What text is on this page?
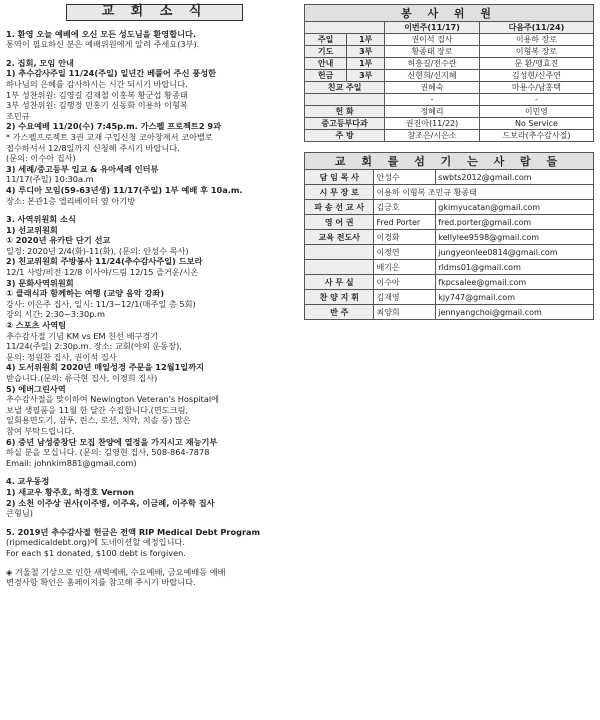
교 회 소 식
1. 환영 오늘 예배에 오신 모든 성도님을 환영합니다.
통역이 필요하신 분은 예배위원에게 알려 주세요(3부).
2. 집회, 모임 안내
1) 추수감사주일 11/24(주일) 일년간 베풀어 주신 풍성한
하나님의 은혜를 감사하시는 시간 되시기 바랍니다.
1부 성찬위원: 김영길 김재철 이홍복 황군섭 황종태
3부 성찬위원: 김행정 민홍기 신동화 이용하 이형복
조민규
2) 수요예배 11/20(수) 7:45p.m. 가스펠 프로젝트2 9과
* 가스펠프로젝트 3권 교재 구입신청 코아창제서 코아밸로
접수하셔서 12/8일까지 신청해 주시기 바랍니다.
(문의: 이수아 집사)
3) 세례/중고등부 입교 & 유아세례 인터뷰
11/17(주일) 10:30a.m
4) 루디아 모임(59-63년생) 11/17(주일) 1부 예배 후 10a.m.
장소: 본관1층 엘리베이터 옆 아기방
3. 사역위원회 소식
1) 선교위원회
① 2020년 유카탄 단기 선교
일정: 2020년 2/4(화)-11(화), (문의: 안성수 목사)
2) 친교위원회 주방봉사 11/24(추수감사주일) 드보라
12/1 사랑/비전 12/8 이사야/드림 12/15 즐거운/시온
3) 문화사역위원회
① 클래식과 함께하는 여행 (교양 음악 강좌)
강사: 이은주 집사, 일시: 11/3~12/1(매주일 총 5회)
강의 시간: 2:30~3:30p.m
② 스포츠 사역팀
추수감사절 기념 KM vs EM 친선 배구경기
11/24(주일) 2:30p.m. 장소: 교회(야외 운동장),
문의: 정원찬 집사, 권이석 집사
4) 도서위원회 2020년 매일성경 주문을 12월1일까지
받습니다.(문의: 류극현 집사, 이경희 집사)
5) 에버그린사역
추수감사절을 맞이하여 Newington Veteran's Hospital에
보낼 생필품을 11월 한 달간 수집합니다.(면도크림,
일회용면도기, 샴푸, 린스, 로션, 치약, 치솔 등) 많은
참여 부탁드립니다.
6) 중년 남성중창단 모집 찬양에 열정을 가지시고 재능기부
하실 분을 모십니다. (문의: 김영현 집사, 508-864-7878
Email: johnkim881@gmail.com)
4. 교우동정
1) 새교우 황주호, 하경호 Vernon
2) 소천 이주상 권사(이주병, 이주옥, 이금례, 이주학 집사
큰형님)
5. 2019년 추수감사절 헌금은 전액 RIP Medical Debt Program
(ripmedicaldebt.org)에 도네이션할 예정입니다.
For each $1 donated, $100 debt is forgiven.
◈ 겨울철 기상으로 인한 새벽예배, 수요예배, 금요예배등 예배
변경사항 확인은 홈페이지를 참고해 주시기 바랍니다.
봉 사 위 원			
		이번주(11/17)	다음주(11/24)
주일	1부	권이석 집사	이용하 장로
기도	3부	황종태 장로	이형복 장로
안내	1부	허흥길/전수란	문 환/맹효진
헌금	3부	신현희/신지혜	김성현/신주연
친교 주일		권혜숙	마용수/남홍택
		-	-
헌 화		정혜리	이민영
중고등부다과		권진아(11/22)	No Service
주 방		참조은/시은소	드보라(추수감사절)
교 회 를 섬 기 는 사 람 들		
담 임 목 사	안성수	swbts2012@gmail.com
시 무 장 로	이용하 이형복 조민규 황종태	
파 송 선 교 사	김긍호	gkimyucatan@gmail.com
영 어 권	Fred Porter	fred.porter@gmail.com
교육 전도사	이경화	kellylee9598@gmail.com
	이정연	jungyeonlee0814@gmail.com
	배기은	rldms01@gmail.com
사 무 실	이수아	fkpcsalee@gmail.com
찬 양 지 휘	김재영	kjy747@gmail.com
반 주	최양희	jennyangchoi@gmail.com
